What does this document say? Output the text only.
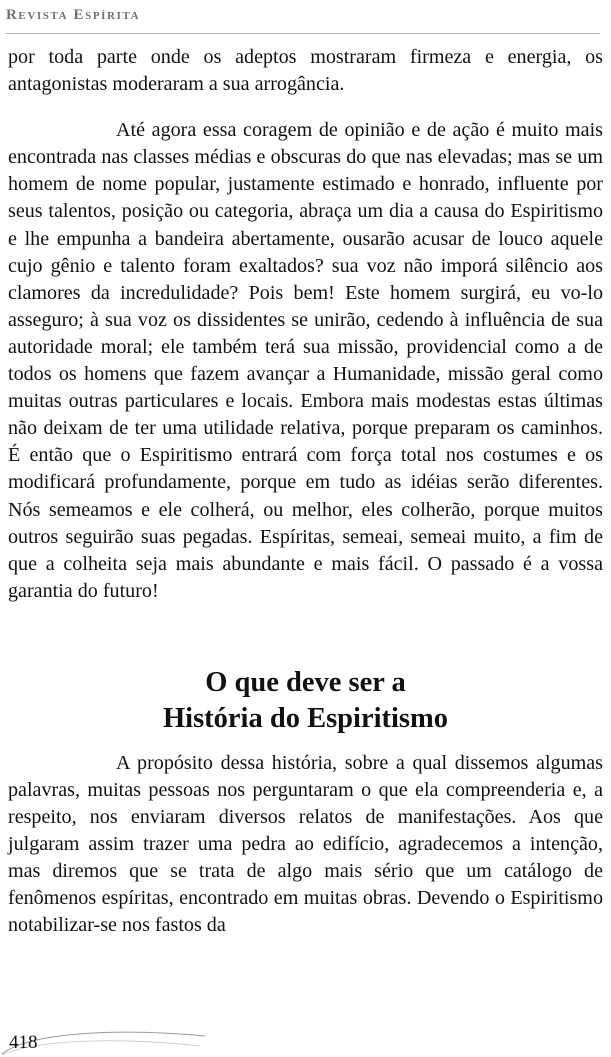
Revista Espírita

por toda parte onde os adeptos mostraram firmeza e energia, os antagonistas moderaram a sua arrogância.

Até agora essa coragem de opinião e de ação é muito mais encontrada nas classes médias e obscuras do que nas elevadas; mas se um homem de nome popular, justamente estimado e honrado, influente por seus talentos, posição ou categoria, abraça um dia a causa do Espiritismo e lhe empunha a bandeira abertamente, ousarão acusar de louco aquele cujo gênio e talento foram exaltados? sua voz não imporá silêncio aos clamores da incredulidade? Pois bem! Este homem surgirá, eu vo-lo asseguro; à sua voz os dissidentes se unirão, cedendo à influência de sua autoridade moral; ele também terá sua missão, providencial como a de todos os homens que fazem avançar a Humanidade, missão geral como muitas outras particulares e locais. Embora mais modestas estas últimas não deixam de ter uma utilidade relativa, porque preparam os caminhos. É então que o Espiritismo entrará com força total nos costumes e os modificará profundamente, porque em tudo as idéias serão diferentes. Nós semeamos e ele colherá, ou melhor, eles colherão, porque muitos outros seguirão suas pegadas. Espíritas, semeai, semeai muito, a fim de que a colheita seja mais abundante e mais fácil. O passado é a vossa garantia do futuro!

O que deve ser a
História do Espiritismo

A propósito dessa história, sobre a qual dissemos algumas palavras, muitas pessoas nos perguntaram o que ela compreenderia e, a respeito, nos enviaram diversos relatos de manifestações. Aos que julgaram assim trazer uma pedra ao edifício, agradecemos a intenção, mas diremos que se trata de algo mais sério que um catálogo de fenômenos espíritas, encontrado em muitas obras. Devendo o Espiritismo notabilizar-se nos fastos da

418
